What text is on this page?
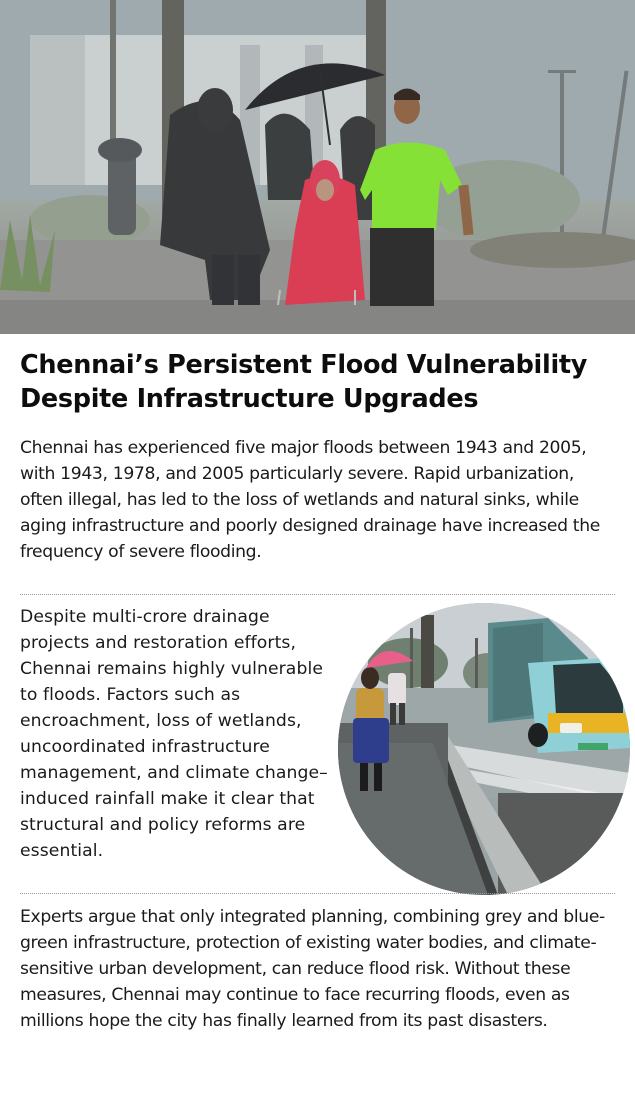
Chennai’s Persistent Flood Vulnerability Despite Infrastructure Upgrades

Chennai has experienced five major floods between 1943 and 2005, with 1943, 1978, and 2005 particularly severe. Rapid urbanization, often illegal, has led to the loss of wetlands and natural sinks, while aging infrastructure and poorly designed drainage have increased the frequency of severe flooding.

Despite multi-crore drainage projects and restoration efforts, Chennai remains highly vulnerable to floods. Factors such as encroachment, loss of wetlands, uncoordinated infrastructure management, and climate change–induced rainfall make it clear that structural and policy reforms are essential.

Experts argue that only integrated planning, combining grey and blue-green infrastructure, protection of existing water bodies, and climate-sensitive urban development, can reduce flood risk. Without these measures, Chennai may continue to face recurring floods, even as millions hope the city has finally learned from its past disasters.
